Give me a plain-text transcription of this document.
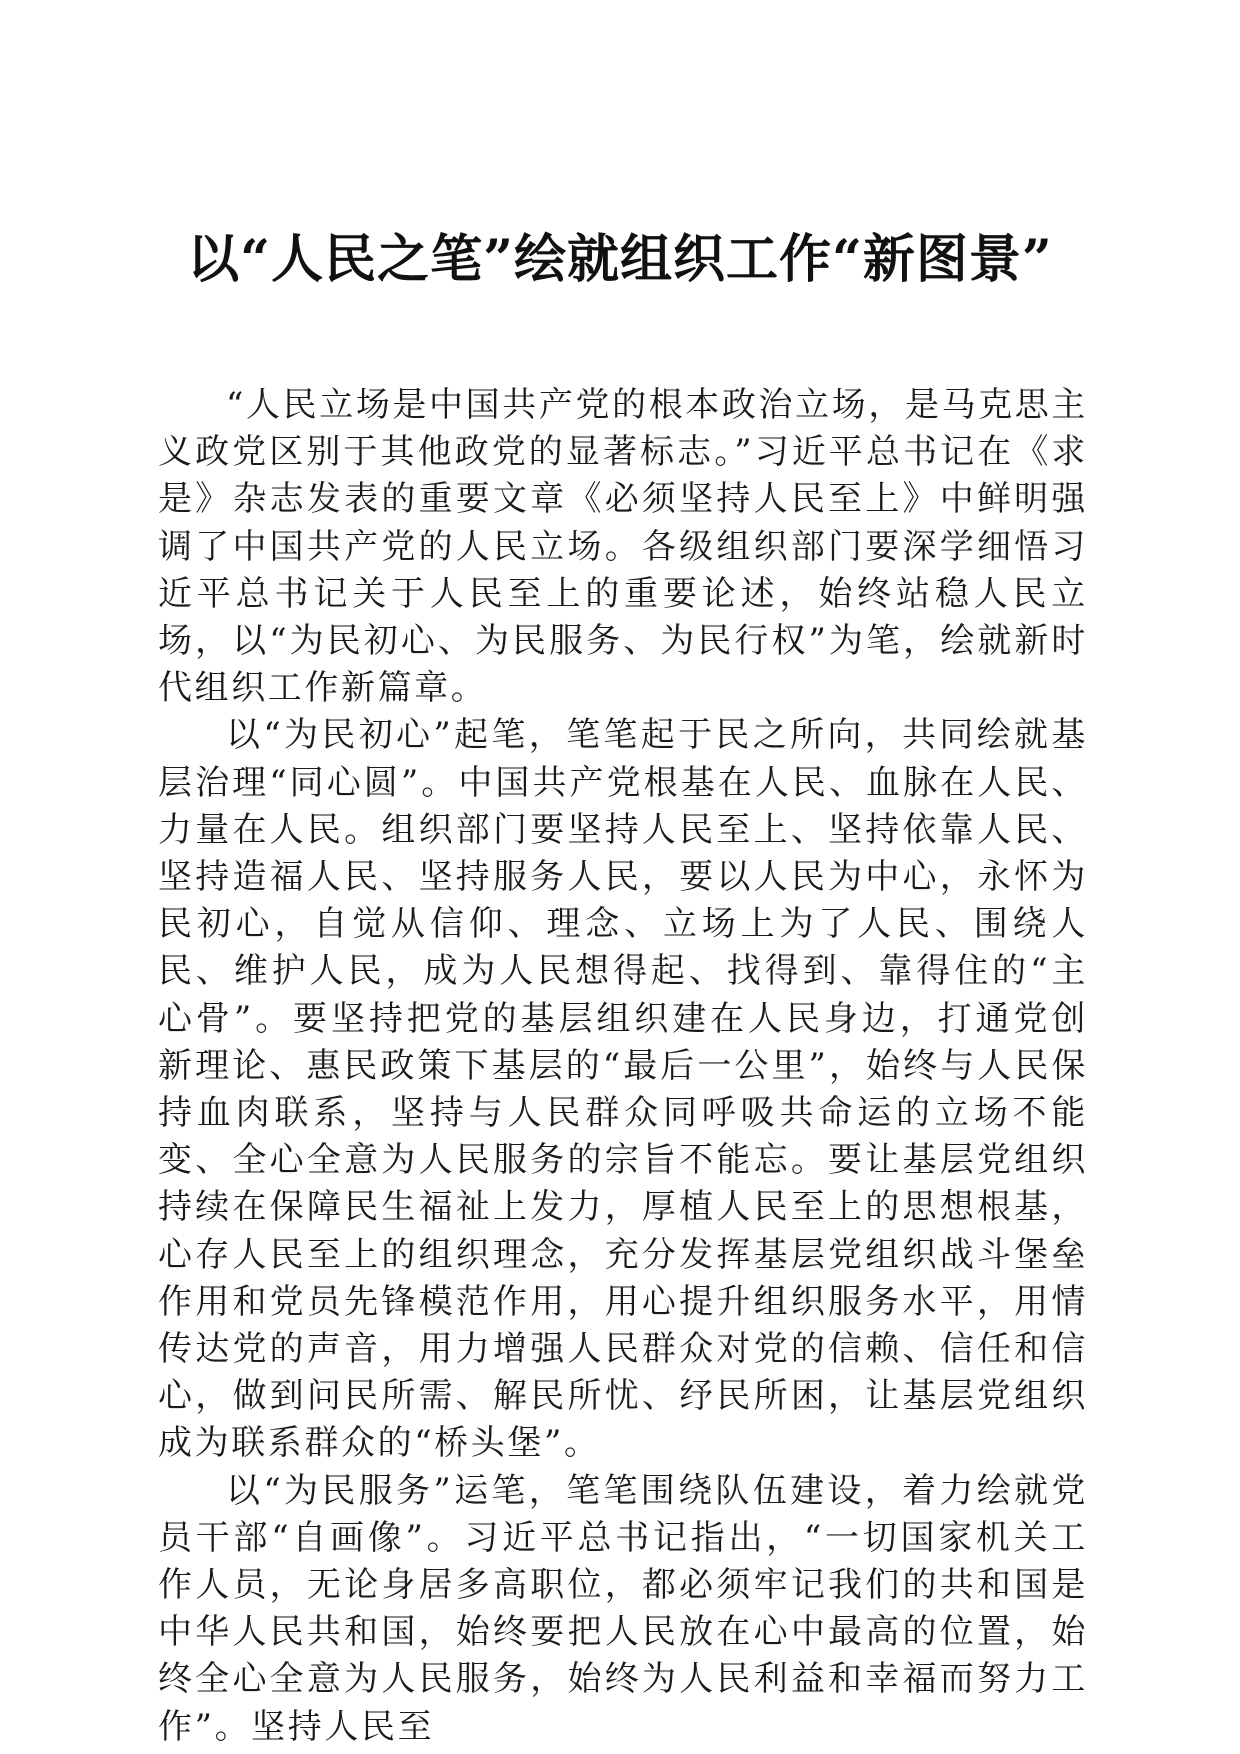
以“人民之笔”绘就组织工作“新图景”

“人民立场是中国共产党的根本政治立场，是马克思主义政党区别于其他政党的显著标志。”习近平总书记在《求是》杂志发表的重要文章《必须坚持人民至上》中鲜明强调了中国共产党的人民立场。各级组织部门要深学细悟习近平总书记关于人民至上的重要论述，始终站稳人民立场，以“为民初心、为民服务、为民行权”为笔，绘就新时代组织工作新篇章。

以“为民初心”起笔，笔笔起于民之所向，共同绘就基层治理“同心圆”。中国共产党根基在人民、血脉在人民、力量在人民。组织部门要坚持人民至上、坚持依靠人民、坚持造福人民、坚持服务人民，要以人民为中心，永怀为民初心，自觉从信仰、理念、立场上为了人民、围绕人民、维护人民，成为人民想得起、找得到、靠得住的“主心骨”。要坚持把党的基层组织建在人民身边，打通党创新理论、惠民政策下基层的“最后一公里”，始终与人民保持血肉联系，坚持与人民群众同呼吸共命运的立场不能变、全心全意为人民服务的宗旨不能忘。要让基层党组织持续在保障民生福祉上发力，厚植人民至上的思想根基，心存人民至上的组织理念，充分发挥基层党组织战斗堡垒作用和党员先锋模范作用，用心提升组织服务水平，用情传达党的声音，用力增强人民群众对党的信赖、信任和信心，做到问民所需、解民所忧、纾民所困，让基层党组织成为联系群众的“桥头堡”。

以“为民服务”运笔，笔笔围绕队伍建设，着力绘就党员干部“自画像”。习近平总书记指出，“一切国家机关工作人员，无论身居多高职位，都必须牢记我们的共和国是中华人民共和国，始终要把人民放在心中最高的位置，始终全心全意为人民服务，始终为人民利益和幸福而努力工作”。坚持人民至
